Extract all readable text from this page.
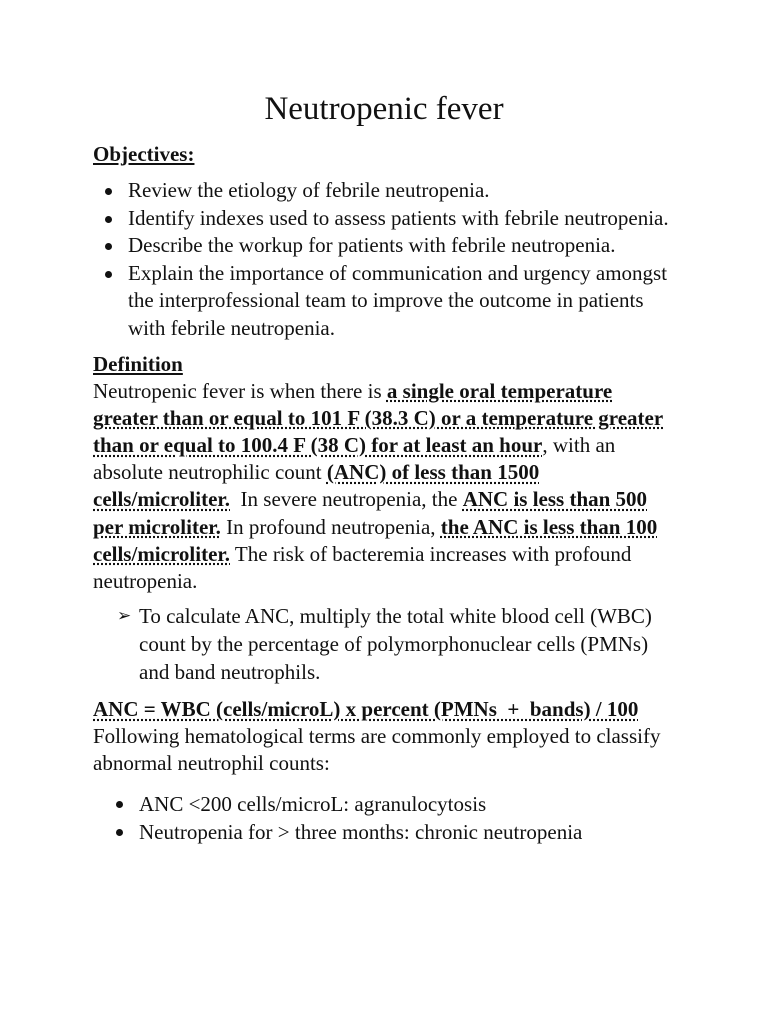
Neutropenic fever
Objectives:
Review the etiology of febrile neutropenia.
Identify indexes used to assess patients with febrile neutropenia.
Describe the workup for patients with febrile neutropenia.
Explain the importance of communication and urgency amongst the interprofessional team to improve the outcome in patients with febrile neutropenia.
Definition

Neutropenic fever is when there is a single oral temperature greater than or equal to 101 F (38.3 C) or a temperature greater than or equal to 100.4 F (38 C) for at least an hour, with an absolute neutrophilic count (ANC) of less than 1500 cells/microliter.  In severe neutropenia, the ANC is less than 500 per microliter. In profound neutropenia, the ANC is less than 100 cells/microliter. The risk of bacteremia increases with profound neutropenia.

➢ To calculate ANC, multiply the total white blood cell (WBC) count by the percentage of polymorphonuclear cells (PMNs) and band neutrophils.

ANC = WBC (cells/microL) x percent (PMNs  +  bands) / 100

Following hematological terms are commonly employed to classify abnormal neutrophil counts:

ANC <200 cells/microL: agranulocytosis
Neutropenia for > three months: chronic neutropenia
